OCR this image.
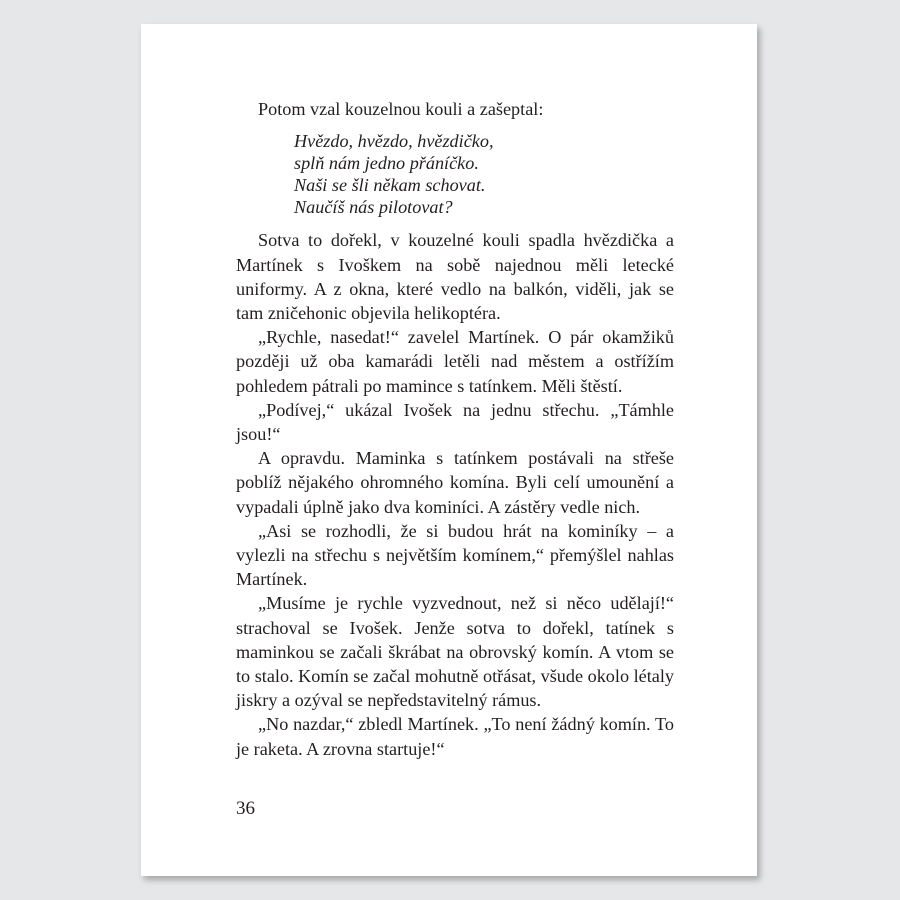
Potom vzal kouzelnou kouli a zašeptal:

Hvězdo, hvězdo, hvězdičko,
splň nám jedno přáníčko.
Naši se šli někam schovat.
Naučíš nás pilotovat?

Sotva to dořekl, v kouzelné kouli spadla hvězdička a Martínek s Ivoškem na sobě najednou měli letecké uniformy. A z okna, které vedlo na balkón, viděli, jak se tam zničehonic objevila helikoptéra.

„Rychle, nasedat!“ zavelel Martínek. O pár okamžiků později už oba kamarádi letěli nad městem a ostřížím pohledem pátrali po mamince s tatínkem. Měli štěstí.

„Podívej,“ ukázal Ivošek na jednu střechu. „Támhle jsou!“

A opravdu. Maminka s tatínkem postávali na střeše poblíž nějakého ohromného komína. Byli celí umounění a vypadali úplně jako dva kominíci. A zástěry vedle nich.

„Asi se rozhodli, že si budou hrát na kominíky – a vylezli na střechu s největším komínem,“ přemýšlel nahlas Martínek.

„Musíme je rychle vyzvednout, než si něco udělají!“ strachoval se Ivošek. Jenže sotva to dořekl, tatínek s maminkou se začali škrábat na obrovský komín. A vtom se to stalo. Komín se začal mohutně otřásat, všude okolo létaly jiskry a ozýval se nepředstavitelný rámus.

„No nazdar,“ zbledl Martínek. „To není žádný komín. To je raketa. A zrovna startuje!“

36
